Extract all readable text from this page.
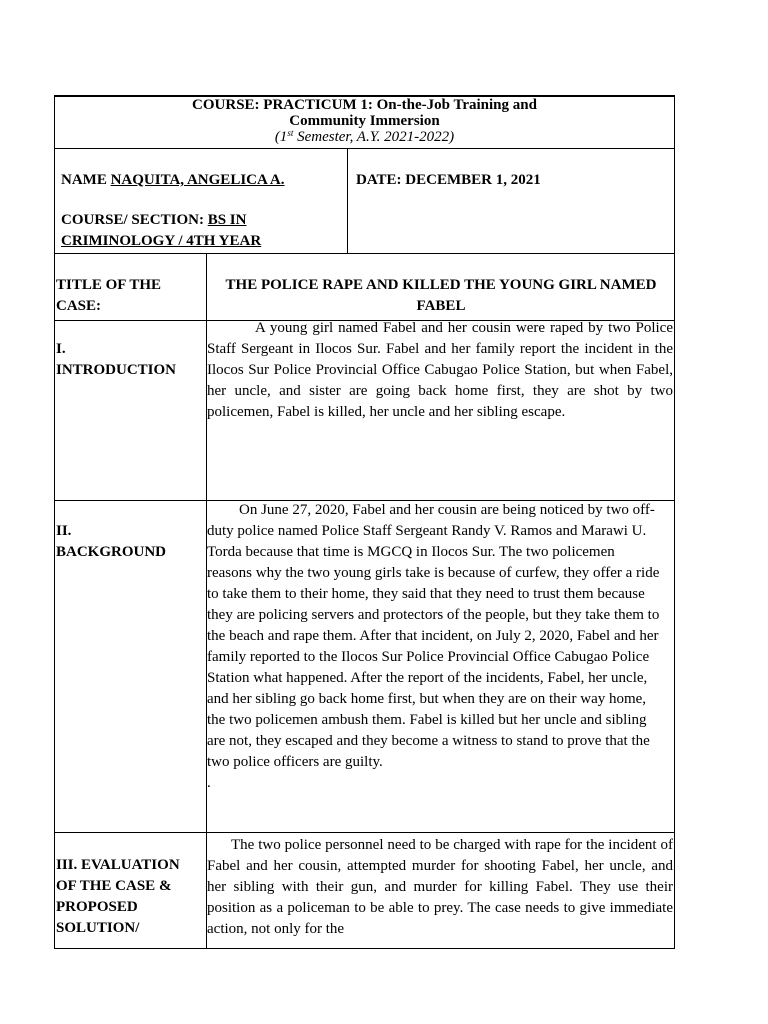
COURSE: PRACTICUM 1: On-the-Job Training and
Community Immersion
(1st Semester, A.Y. 2021-2022)
NAME NAQUITA, ANGELICA A.
COURSE/ SECTION: BS IN
CRIMINOLOGY / 4TH YEAR
DATE: DECEMBER 1, 2021
TITLE OF THE CASE:
THE POLICE RAPE AND KILLED THE YOUNG GIRL NAMED FABEL
I.
INTRODUCTION
A young girl named Fabel and her cousin were raped by two Police Staff Sergeant in Ilocos Sur. Fabel and her family report the incident in the Ilocos Sur Police Provincial Office Cabugao Police Station, but when Fabel, her uncle, and sister are going back home first, they are shot by two policemen, Fabel is killed, her uncle and her sibling escape.
II.
BACKGROUND
On June 27, 2020, Fabel and her cousin are being noticed by two off-duty police named Police Staff Sergeant Randy V. Ramos and Marawi U. Torda because that time is MGCQ in Ilocos Sur. The two policemen reasons why the two young girls take is because of curfew, they offer a ride to take them to their home, they said that they need to trust them because they are policing servers and protectors of the people, but they take them to the beach and rape them. After that incident, on July 2, 2020, Fabel and her family reported to the Ilocos Sur Police Provincial Office Cabugao Police Station what happened. After the report of the incidents, Fabel, her uncle, and her sibling go back home first, but when they are on their way home, the two policemen ambush them. Fabel is killed but her uncle and sibling are not, they escaped and they become a witness to stand to prove that the two police officers are guilty.
.
III. EVALUATION
OF THE CASE &
PROPOSED
SOLUTION/
The two police personnel need to be charged with rape for the incident of Fabel and her cousin, attempted murder for shooting Fabel, her uncle, and her sibling with their gun, and murder for killing Fabel. They use their position as a policeman to be able to prey. The case needs to give immediate action, not only for the
